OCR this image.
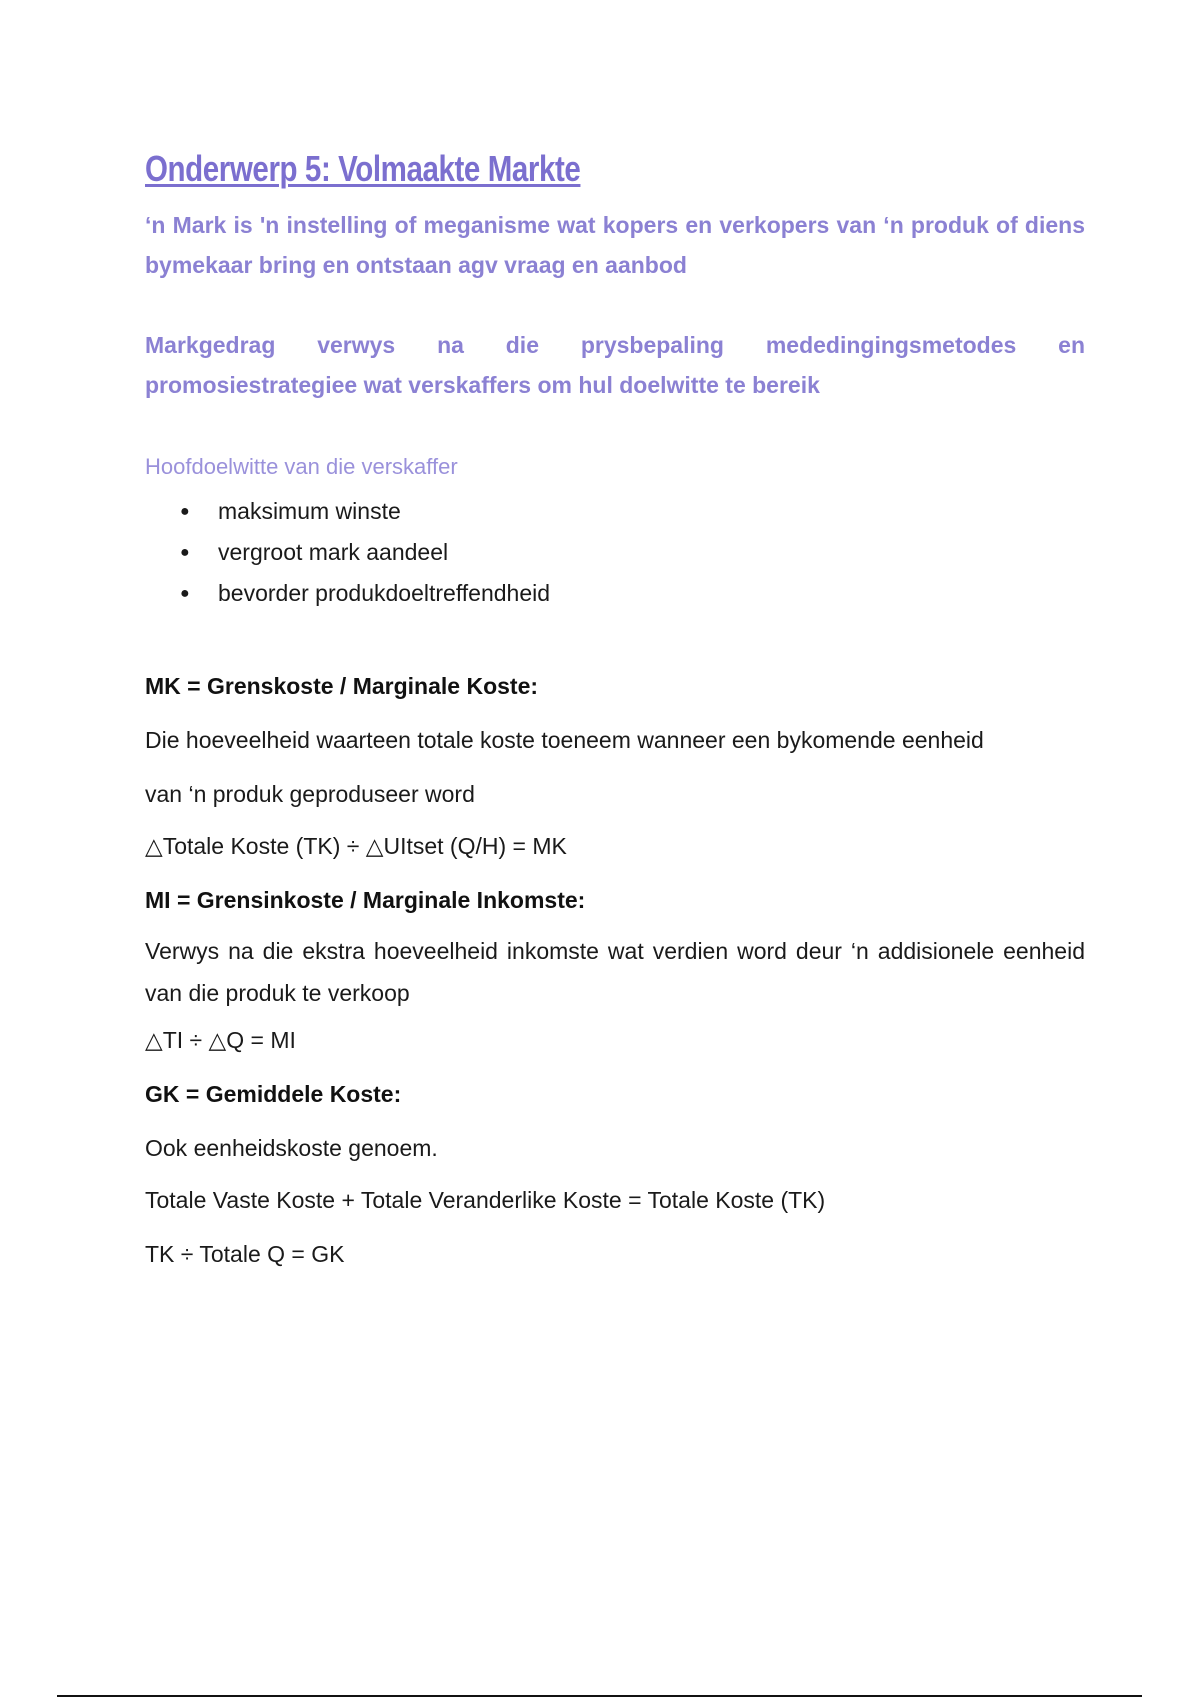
Onderwerp 5: Volmaakte Markte

‘n Mark is 'n instelling of meganisme wat kopers en verkopers van ‘n produk of diens bymekaar bring en ontstaan agv vraag en aanbod

Markgedrag verwys na die prysbepaling mededingingsmetodes en promosiestrategiee wat verskaffers om hul doelwitte te bereik

Hoofdoelwitte van die verskaffer

● maksimum winste
● vergroot mark aandeel
● bevorder produkdoeltreffendheid

MK = Grenskoste / Marginale Koste:

Die hoeveelheid waarteen totale koste toeneem wanneer een bykomende eenheid

van ‘n produk geproduseer word

△Totale Koste (TK) ÷ △UItset (Q/H) = MK

MI = Grensinkoste / Marginale Inkomste:

Verwys na die ekstra hoeveelheid inkomste wat verdien word deur ‘n addisionele eenheid van die produk te verkoop

△TI ÷ △Q = MI

GK = Gemiddele Koste:

Ook eenheidskoste genoem.

Totale Vaste Koste + Totale Veranderlike Koste = Totale Koste (TK)

TK ÷ Totale Q = GK
